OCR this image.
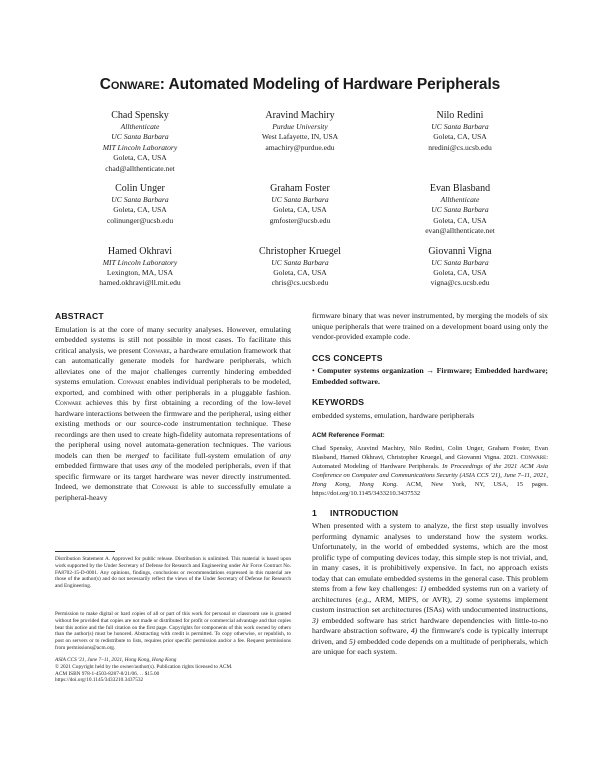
Conware: Automated Modeling of Hardware Peripherals
Chad Spensky
Allthenticate
UC Santa Barbara
MIT Lincoln Laboratory
Goleta, CA, USA
chad@allthenticate.net
Aravind Machiry
Purdue University
West Lafayette, IN, USA
amachiry@purdue.edu
Nilo Redini
UC Santa Barbara
Goleta, CA, USA
nredini@cs.ucsb.edu
Colin Unger
UC Santa Barbara
Goleta, CA, USA
colinunger@ucsb.edu
Graham Foster
UC Santa Barbara
Goleta, CA, USA
gmfoster@ucsb.edu
Evan Blasband
Allthenticate
UC Santa Barbara
Goleta, CA, USA
evan@allthenticate.net
Hamed Okhravi
MIT Lincoln Laboratory
Lexington, MA, USA
hamed.okhravi@ll.mit.edu
Christopher Kruegel
UC Santa Barbara
Goleta, CA, USA
chris@cs.ucsb.edu
Giovanni Vigna
UC Santa Barbara
Goleta, CA, USA
vigna@cs.ucsb.edu
ABSTRACT
Emulation is at the core of many security analyses. However, emulating embedded systems is still not possible in most cases. To facilitate this critical analysis, we present Conware, a hardware emulation framework that can automatically generate models for hardware peripherals, which alleviates one of the major challenges currently hindering embedded systems emulation. Conware enables individual peripherals to be modeled, exported, and combined with other peripherals in a pluggable fashion. Conware achieves this by first obtaining a recording of the low-level hardware interactions between the firmware and the peripheral, using either existing methods or our source-code instrumentation technique. These recordings are then used to create high-fidelity automata representations of the peripheral using novel automata-generation techniques. The various models can then be merged to facilitate full-system emulation of any embedded firmware that uses any of the modeled peripherals, even if that specific firmware or its target hardware was never directly instrumented. Indeed, we demonstrate that Conware is able to successfully emulate a peripheral-heavy
Distribution Statement A. Approved for public release. Distribution is unlimited. This material is based upon work supported by the Under Secretary of Defense for Research and Engineering under Air Force Contract No. FA8702-15-D-0001. Any opinions, findings, conclusions or recommendations expressed in this material are those of the author(s) and do not necessarily reflect the views of the Under Secretary of Defense for Research and Engineering.
Permission to make digital or hard copies of all or part of this work for personal or classroom use is granted without fee provided that copies are not made or distributed for profit or commercial advantage and that copies bear this notice and the full citation on the first page. Copyrights for components of this work owned by others than the author(s) must be honored. Abstracting with credit is permitted. To copy otherwise, or republish, to post on servers or to redistribute to lists, requires prior specific permission and/or a fee. Request permissions from permissions@acm.org.
ASIA CCS '21, June 7–11, 2021, Hong Kong, Hong Kong
© 2021 Copyright held by the owner/author(s). Publication rights licensed to ACM.
ACM ISBN 978-1-4503-8287-8/21/06. . . $15.00
https://doi.org/10.1145/3433210.3437532
firmware binary that was never instrumented, by merging the models of six unique peripherals that were trained on a development board using only the vendor-provided example code.
CCS CONCEPTS
• Computer systems organization → Firmware; Embedded hardware; Embedded software.
KEYWORDS
embedded systems, emulation, hardware peripherals
ACM Reference Format:
Chad Spensky, Aravind Machiry, Nilo Redini, Colin Unger, Graham Foster, Evan Blasband, Hamed Okhravi, Christopher Kruegel, and Giovanni Vigna. 2021. Conware: Automated Modeling of Hardware Peripherals. In Proceedings of the 2021 ACM Asia Conference on Computer and Communications Security (ASIA CCS '21), June 7–11, 2021, Hong Kong, Hong Kong. ACM, New York, NY, USA, 15 pages. https://doi.org/10.1145/3433210.3437532
1 INTRODUCTION
When presented with a system to analyze, the first step usually involves performing dynamic analyses to understand how the system works. Unfortunately, in the world of embedded systems, which are the most prolific type of computing devices today, this simple step is not trivial, and, in many cases, it is prohibitively expensive. In fact, no approach exists today that can emulate embedded systems in the general case. This problem stems from a few key challenges: 1) embedded systems run on a variety of architectures (e.g., ARM, MIPS, or AVR), 2) some systems implement custom instruction set architectures (ISAs) with undocumented instructions, 3) embedded software has strict hardware dependencies with little-to-no hardware abstraction software, 4) the firmware's code is typically interrupt driven, and 5) embedded code depends on a multitude of peripherals, which are unique for each system.
